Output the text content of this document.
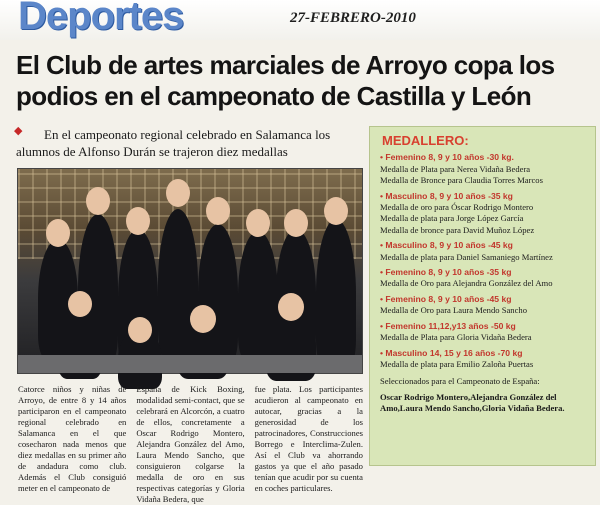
Deportes	27-FEBRERO-2010
El Club de artes marciales de Arroyo copa los podios en el campeonato de Castilla y León
◆ En el campeonato regional celebrado en Salamanca los
alumnos de Alfonso Durán se trajeron diez medallas

Catorce niños y niñas de Arroyo, de entre 8 y 14 años participaron en el campeonato regional celebrado en Salamanca en el que cosecharon nada menos que diez medallas en su primer año de andadura como club. Además el Club consiguió meter en el campeonato de
España de Kick Boxing, modalidad semi-contact, que se celebrará en Alcorcón, a cuatro de ellos, concretamente a Oscar Rodrigo Montero, Alejandra González del Amo, Laura Mendo Sancho, que consiguieron colgarse la medalla de oro en sus respectivas categorías y Gloria Vidaña Bedera, que
fue plata. Los participantes acudieron al campeonato en autocar, gracias a la generosidad de los patrocinadores, Construcciones Borrego e Interclima-Zulen. Así el Club va ahorrando gastos ya que el año pasado tenían que acudir por su cuenta en coches particulares.
MEDALLERO:
• Femenino 8, 9 y 10 años -30 kg.
Medalla de Plata para Nerea Vidaña Bedera
Medalla de Bronce para Claudia Torres Marcos
• Masculino 8, 9 y 10 años -35 kg
Medalla de oro para Óscar Rodrigo Montero
Medalla de plata para Jorge López García
Medalla de bronce para David Muñoz López
• Masculino 8, 9 y 10 años -45 kg
Medalla de plata para Daniel Samaniego Martínez
• Femenino 8, 9 y 10 años -35 kg
Medalla de Oro para Alejandra González del Amo
• Femenino 8, 9 y 10 años -45 kg
Medalla de Oro para Laura Mendo Sancho
• Femenino 11,12,y13 años -50 kg
Medalla de Plata para Gloria Vidaña Bedera
• Masculino 14, 15 y 16 años -70 kg
Medalla de plata para Emilio Zaloña Puertas
Seleccionados para el Campeonato de España:
Oscar Rodrigo Montero,Alejandra González del Amo,Laura Mendo Sancho,Gloria Vidaña Bedera.
